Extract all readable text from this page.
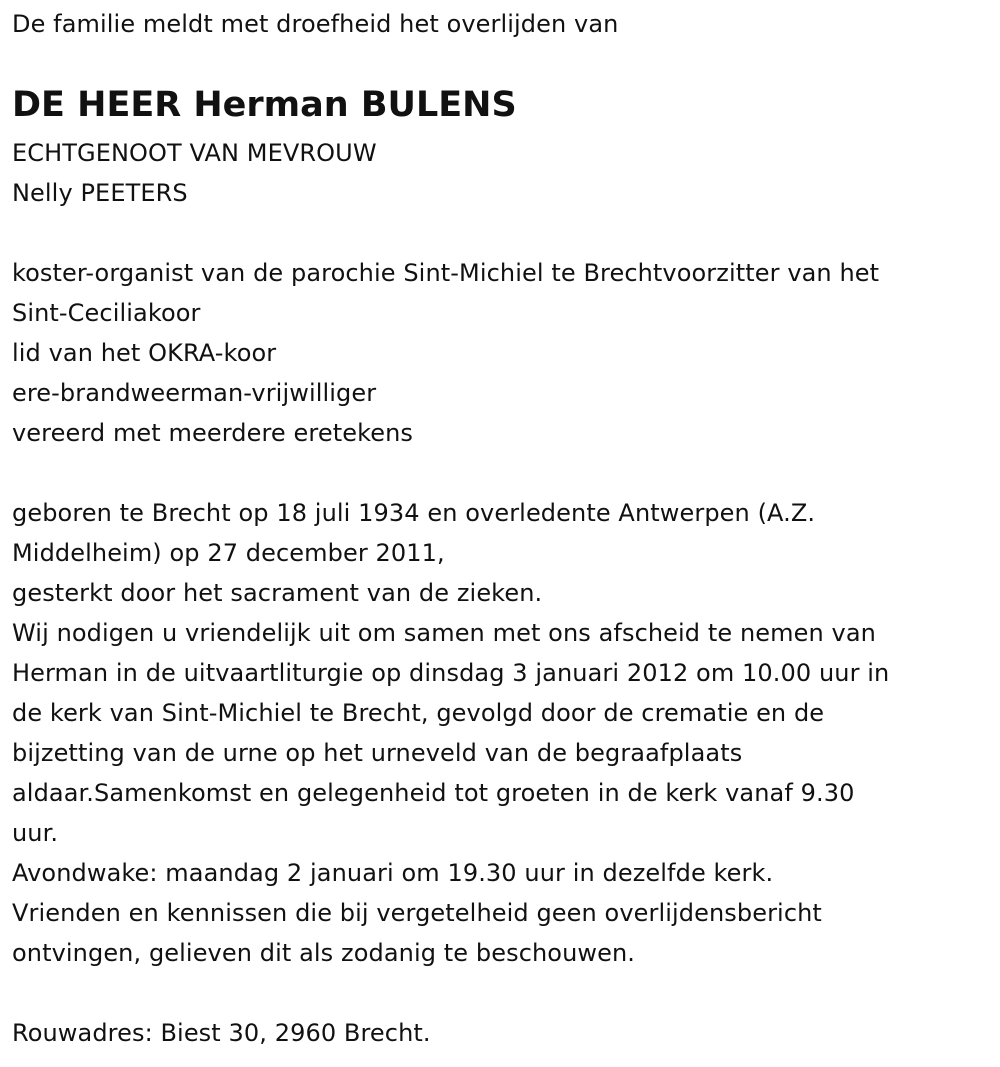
De familie meldt met droefheid het overlijden van
DE HEER Herman BULENS
ECHTGENOOT VAN MEVROUW
Nelly PEETERS
koster-organist van de parochie Sint-Michiel te Brechtvoorzitter van het
Sint-Ceciliakoor
lid van het OKRA-koor
ere-brandweerman-vrijwilliger
vereerd met meerdere eretekens
geboren te Brecht op 18 juli 1934 en overledente Antwerpen (A.Z.
Middelheim) op 27 december 2011,
gesterkt door het sacrament van de zieken.
Wij nodigen u vriendelijk uit om samen met ons afscheid te nemen van
Herman in de uitvaartliturgie op dinsdag 3 januari 2012 om 10.00 uur in
de kerk van Sint-Michiel te Brecht, gevolgd door de crematie en de
bijzetting van de urne op het urneveld van de begraafplaats
aldaar.Samenkomst en gelegenheid tot groeten in de kerk vanaf 9.30
uur.
Avondwake: maandag 2 januari om 19.30 uur in dezelfde kerk.
Vrienden en kennissen die bij vergetelheid geen overlijdensbericht
ontvingen, gelieven dit als zodanig te beschouwen.
Rouwadres: Biest 30, 2960 Brecht.
